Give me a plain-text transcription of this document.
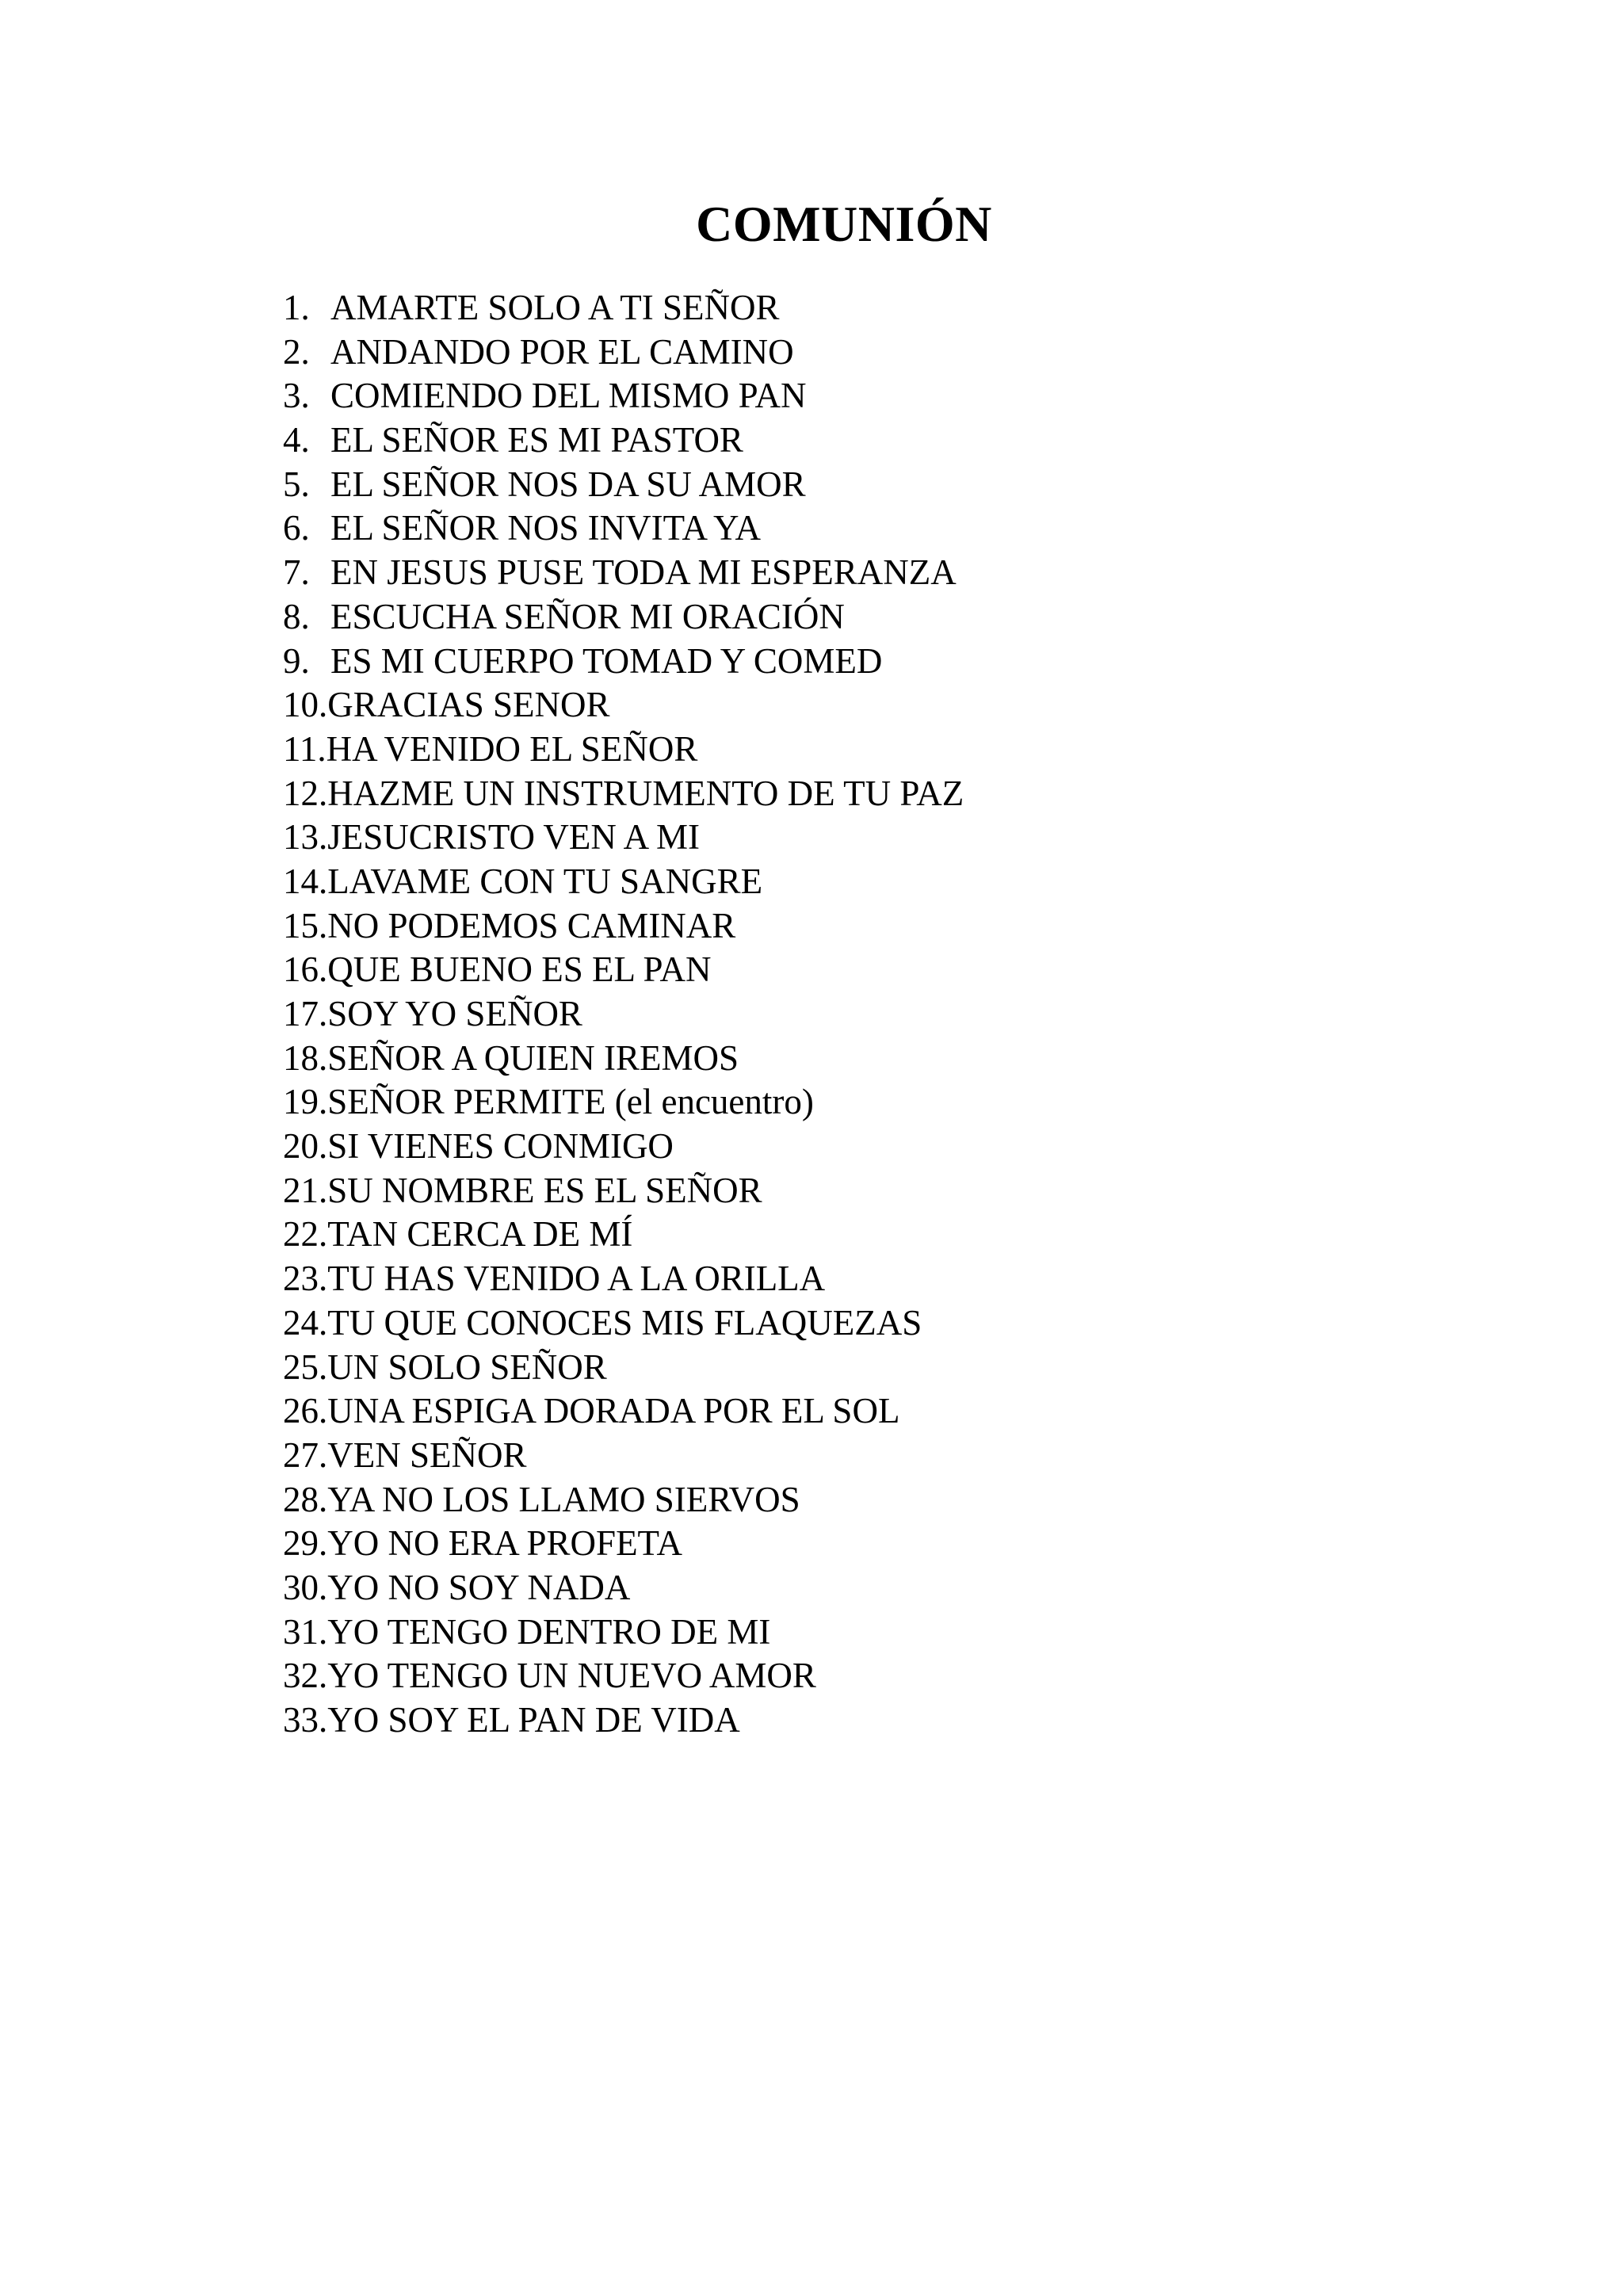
COMUNIÓN
1. AMARTE SOLO A TI SEÑOR
2. ANDANDO POR EL CAMINO
3. COMIENDO DEL MISMO PAN
4. EL SEÑOR ES MI PASTOR
5. EL SEÑOR NOS DA SU AMOR
6. EL SEÑOR NOS INVITA YA
7. EN JESUS PUSE TODA MI ESPERANZA
8. ESCUCHA SEÑOR MI ORACIÓN
9. ES MI CUERPO TOMAD Y COMED
10. GRACIAS SENOR
11. HA VENIDO EL SEÑOR
12. HAZME UN INSTRUMENTO DE TU PAZ
13. JESUCRISTO VEN A MI
14. LAVAME CON TU SANGRE
15. NO PODEMOS CAMINAR
16. QUE BUENO ES EL PAN
17. SOY YO SEÑOR
18. SEÑOR A QUIEN IREMOS
19. SEÑOR PERMITE (el encuentro)
20. SI VIENES CONMIGO
21. SU NOMBRE ES EL SEÑOR
22. TAN CERCA DE MÍ
23. TU HAS VENIDO A LA ORILLA
24. TU QUE CONOCES MIS FLAQUEZAS
25. UN SOLO SEÑOR
26. UNA ESPIGA DORADA POR EL SOL
27. VEN SEÑOR
28. YA NO LOS LLAMO SIERVOS
29. YO NO ERA PROFETA
30. YO NO SOY NADA
31. YO TENGO DENTRO DE MI
32. YO TENGO UN NUEVO AMOR
33. YO SOY EL PAN DE VIDA
